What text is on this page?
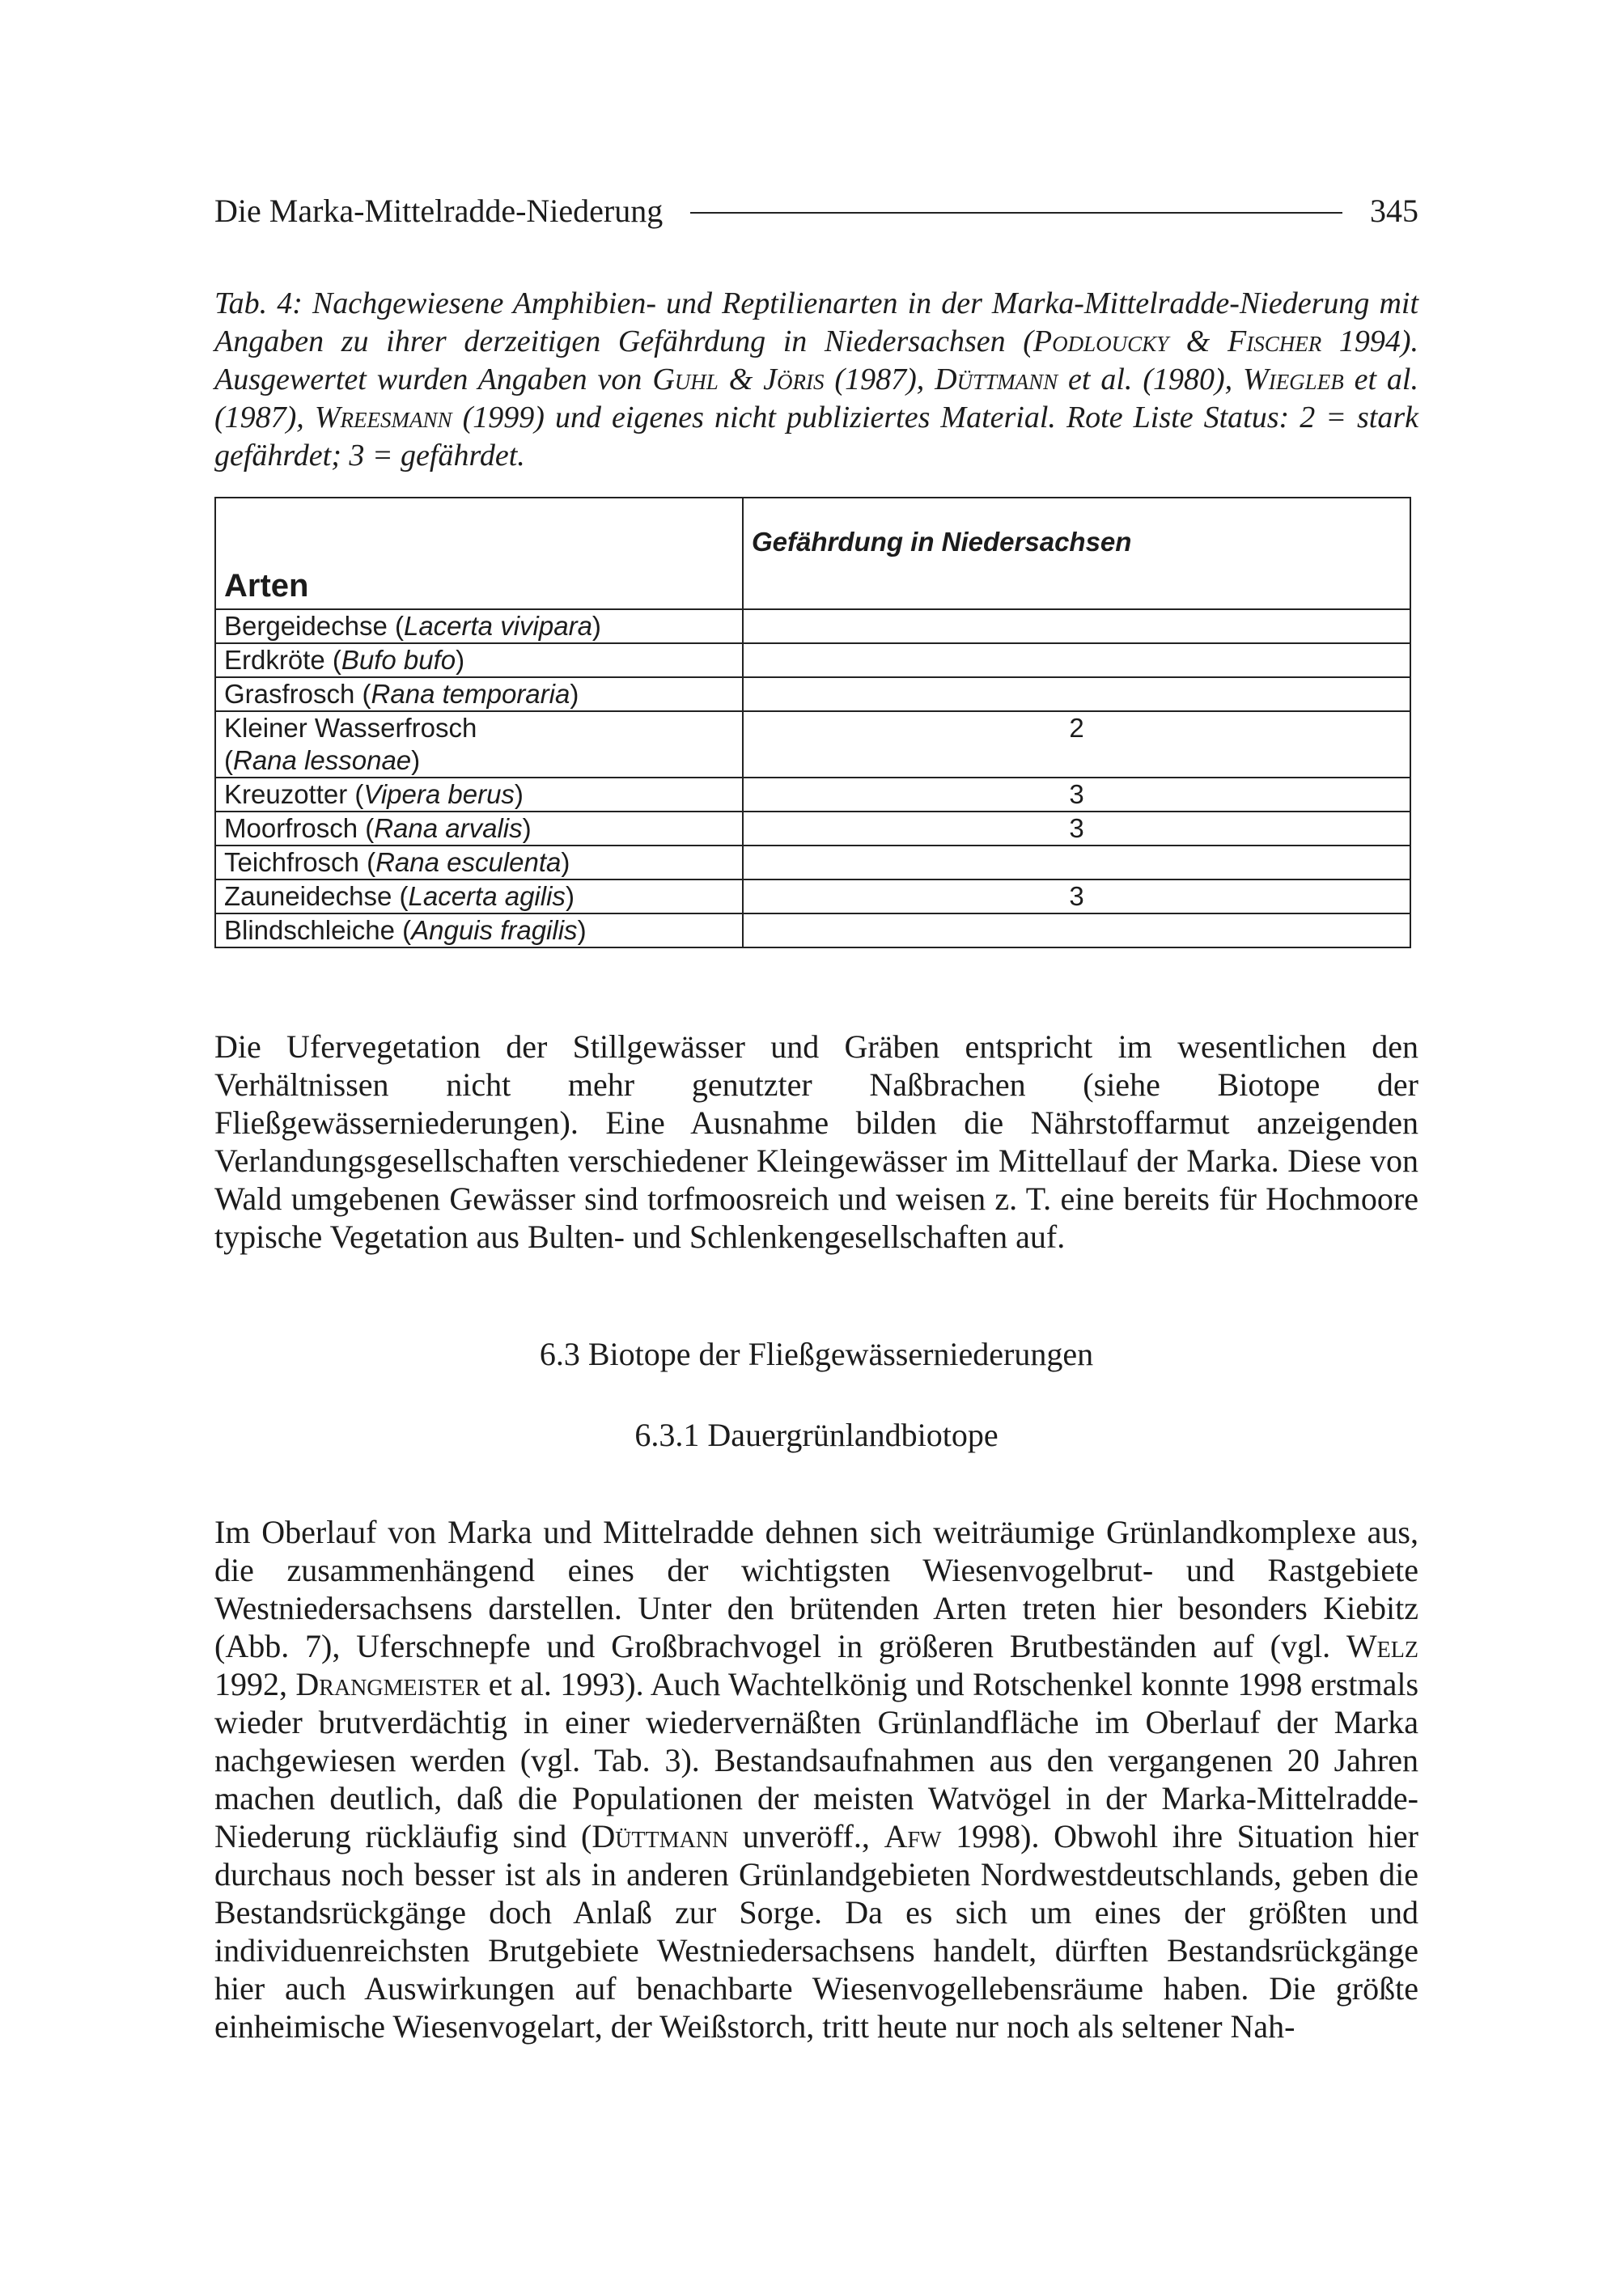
Die Marka-Mittelradde-Niederung	345

Tab. 4: Nachgewiesene Amphibien- und Reptilienarten in der Marka-Mittelradde-Niederung mit Angaben zu ihrer derzeitigen Gefährdung in Niedersachsen (Podloucky & Fischer 1994). Ausgewertet wurden Angaben von Guhl & Jöris (1987), Düttmann et al. (1980), Wiegleb et al. (1987), Wreesmann (1999) und eigenes nicht publiziertes Material. Rote Liste Status: 2 = stark gefährdet; 3 = gefährdet.

Arten	Gefährdung in Niedersachsen
Bergeidechse (Lacerta vivipara)	
Erdkröte (Bufo bufo)	
Grasfrosch (Rana temporaria)	
Kleiner Wasserfrosch
(Rana lessonae)	2
Kreuzotter (Vipera berus)	3
Moorfrosch (Rana arvalis)	3
Teichfrosch (Rana esculenta)	
Zauneidechse (Lacerta agilis)	3
Blindschleiche (Anguis fragilis)	

Die Ufervegetation der Stillgewässer und Gräben entspricht im wesentlichen den Verhältnissen nicht mehr genutzter Naßbrachen (siehe Biotope der Fließgewässerniederungen). Eine Ausnahme bilden die Nährstoffarmut anzeigenden Verlandungsgesellschaften verschiedener Kleingewässer im Mittellauf der Marka. Diese von Wald umgebenen Gewässer sind torfmoosreich und weisen z. T. eine bereits für Hochmoore typische Vegetation aus Bulten- und Schlenkengesellschaften auf.

6.3 Biotope der Fließgewässerniederungen
6.3.1 Dauergrünlandbiotope

Im Oberlauf von Marka und Mittelradde dehnen sich weiträumige Grünlandkomplexe aus, die zusammenhängend eines der wichtigsten Wiesenvogelbrut- und Rastgebiete Westniedersachsens darstellen. Unter den brütenden Arten treten hier besonders Kiebitz (Abb. 7), Uferschnepfe und Großbrachvogel in größeren Brutbeständen auf (vgl. Welz 1992, Drangmeister et al. 1993). Auch Wachtelkönig und Rotschenkel konnte 1998 erstmals wieder brutverdächtig in einer wiedervernäßten Grünlandfläche im Oberlauf der Marka nachgewiesen werden (vgl. Tab. 3). Bestandsaufnahmen aus den vergangenen 20 Jahren machen deutlich, daß die Populationen der meisten Watvögel in der Marka-Mittelradde-Niederung rückläufig sind (Düttmann unveröff., Afw 1998). Obwohl ihre Situation hier durchaus noch besser ist als in anderen Grünlandgebieten Nordwestdeutschlands, geben die Bestandsrückgänge doch Anlaß zur Sorge. Da es sich um eines der größten und individuenreichsten Brutgebiete Westniedersachsens handelt, dürften Bestandsrückgänge hier auch Auswirkungen auf benachbarte Wiesenvogellebensräume haben. Die größte einheimische Wiesenvogelart, der Weißstorch, tritt heute nur noch als seltener Nah-
